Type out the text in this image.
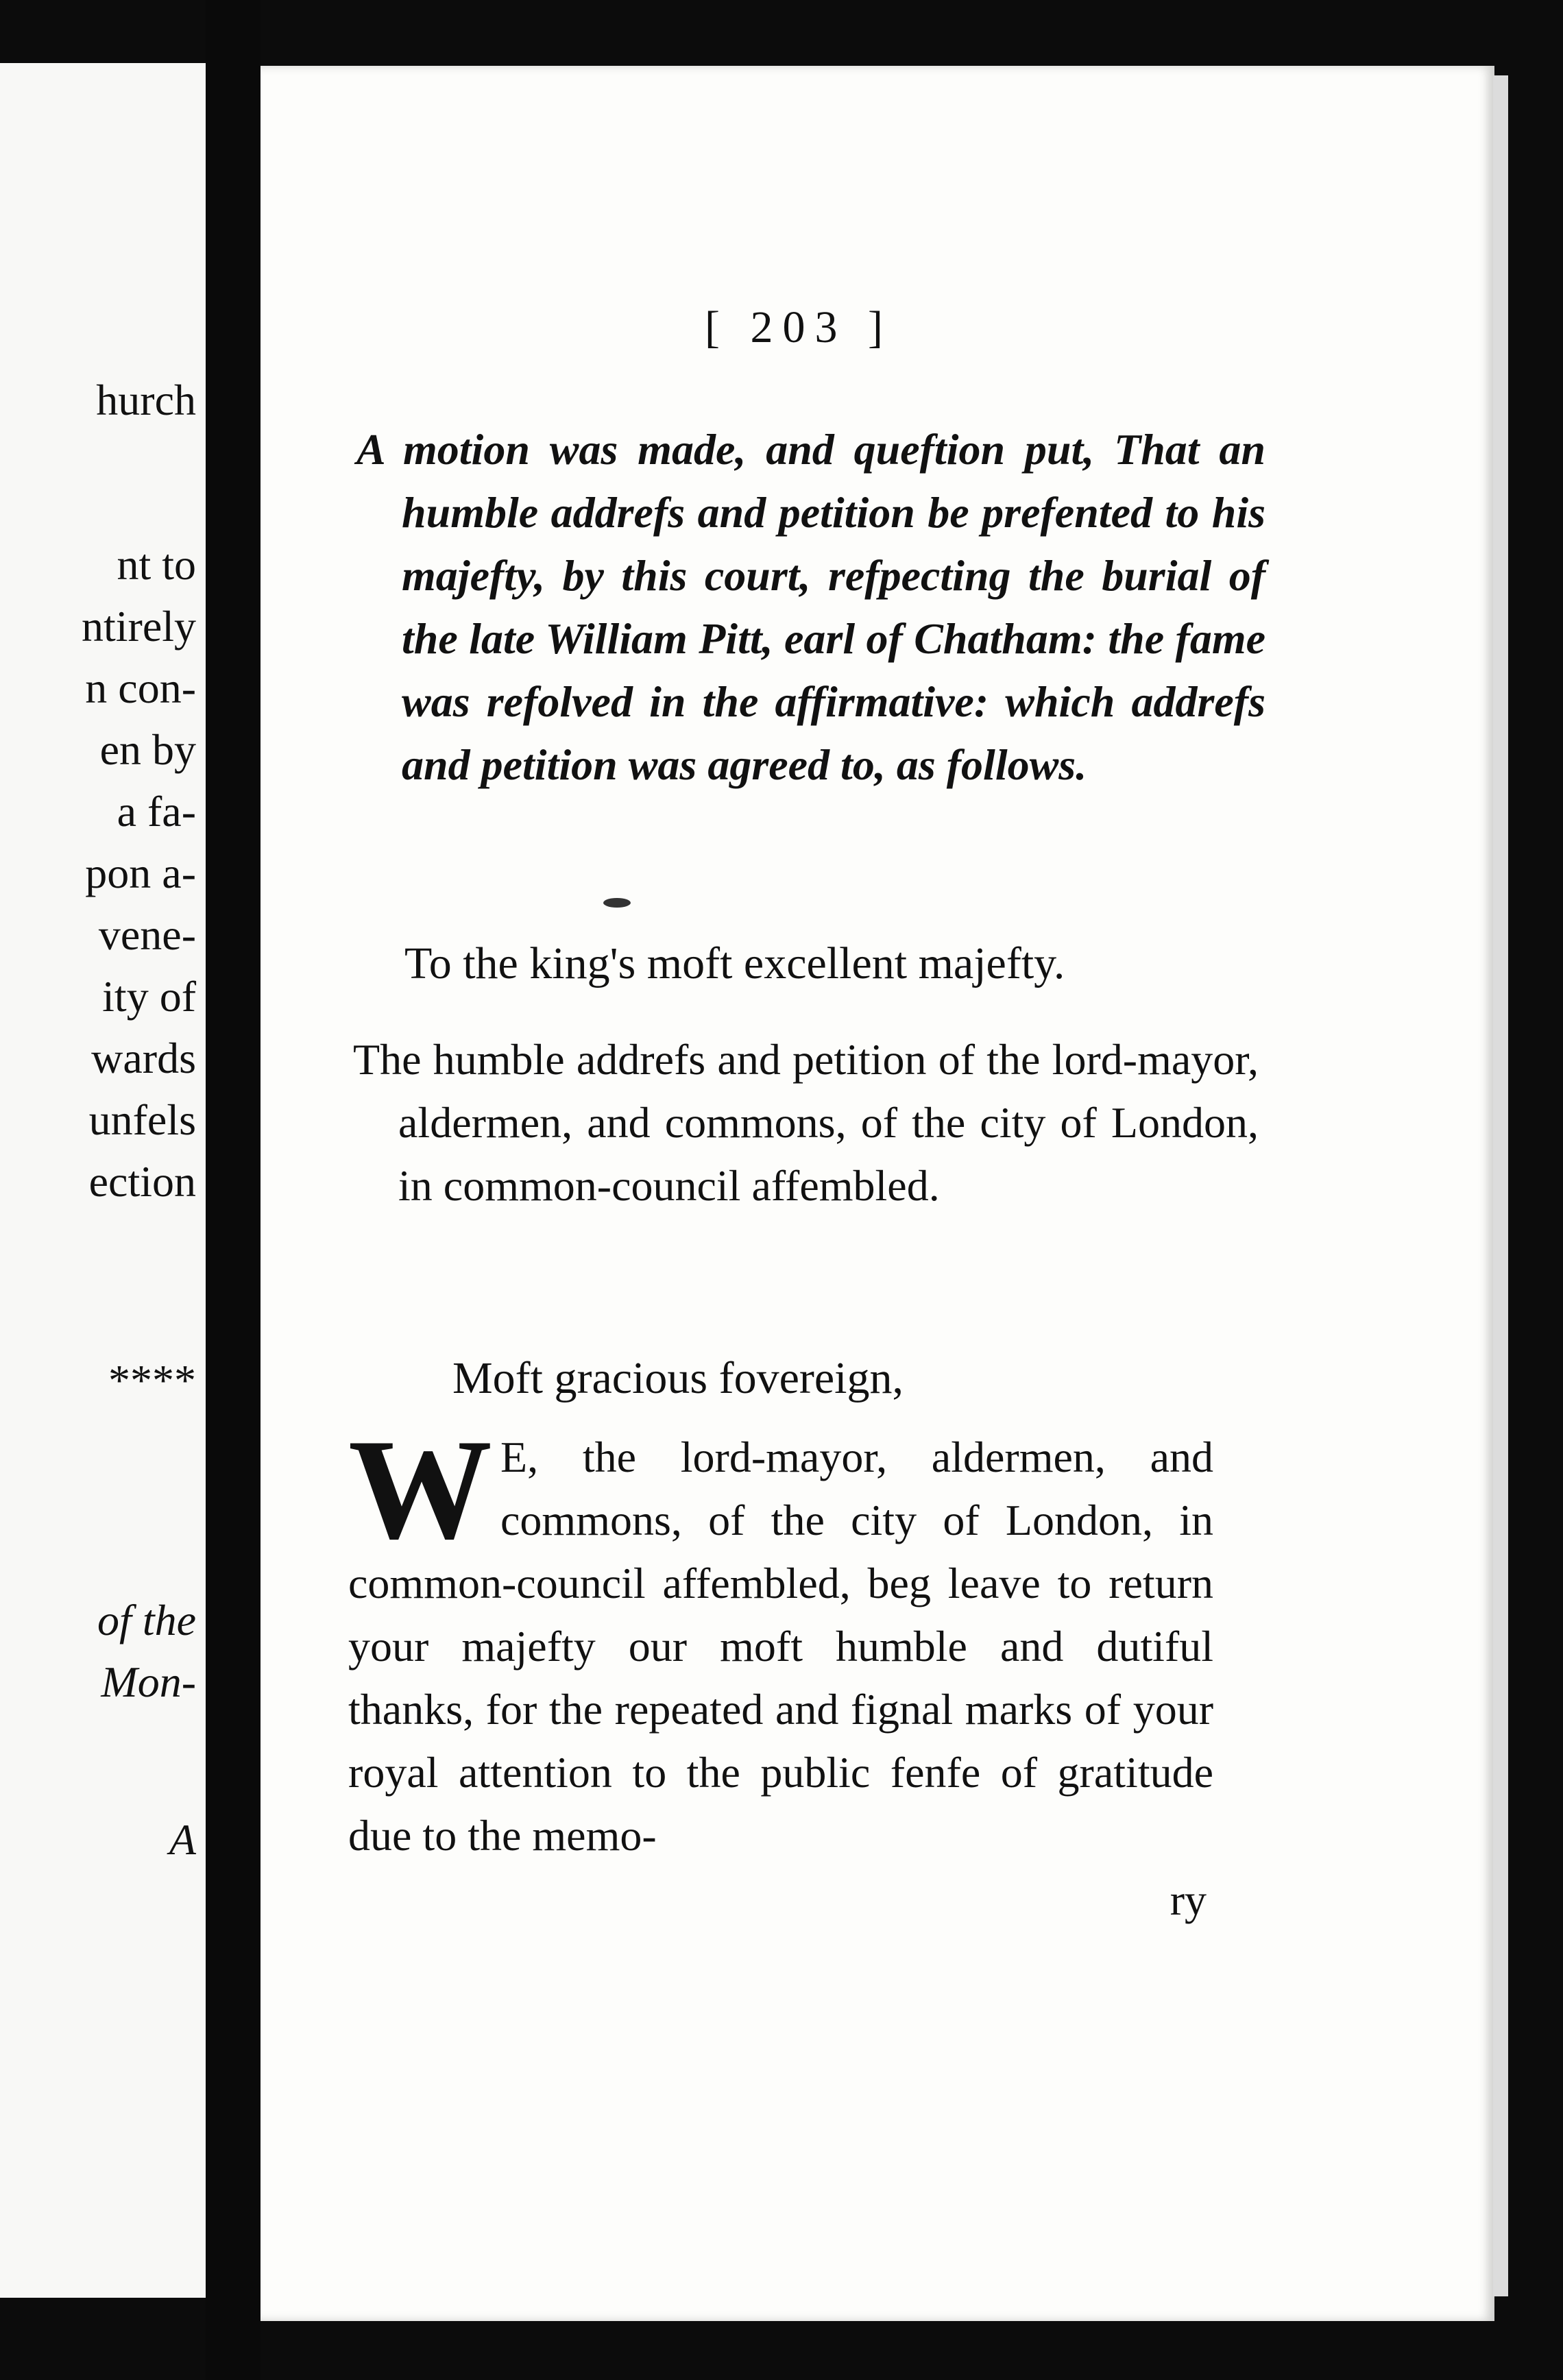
hurch
nt to
ntirely
n con-
en by
a fa-
pon a-
vene-
ity of
wards
unfels
ection
****
of the
Mon-
A
[ 203 ]
A motion was made, and queftion put, That an humble addrefs and petition be prefented to his majefty, by this court, refpecting the burial of the late William Pitt, earl of Chatham: the fame was refolved in the affirmative: which addrefs and petition was agreed to, as follows.
To the king's moft excellent majefty.
The humble addrefs and petition of the lord-mayor, aldermen, and commons, of the city of London, in common-council affembled.
Moft gracious fovereign,
W E, the lord-mayor, aldermen, and commons, of the city of London, in common-council affembled, beg leave to return your majefty our moft humble and dutiful thanks, for the repeated and fignal marks of your royal attention to the public fenfe of gratitude due to the memo-
ry
